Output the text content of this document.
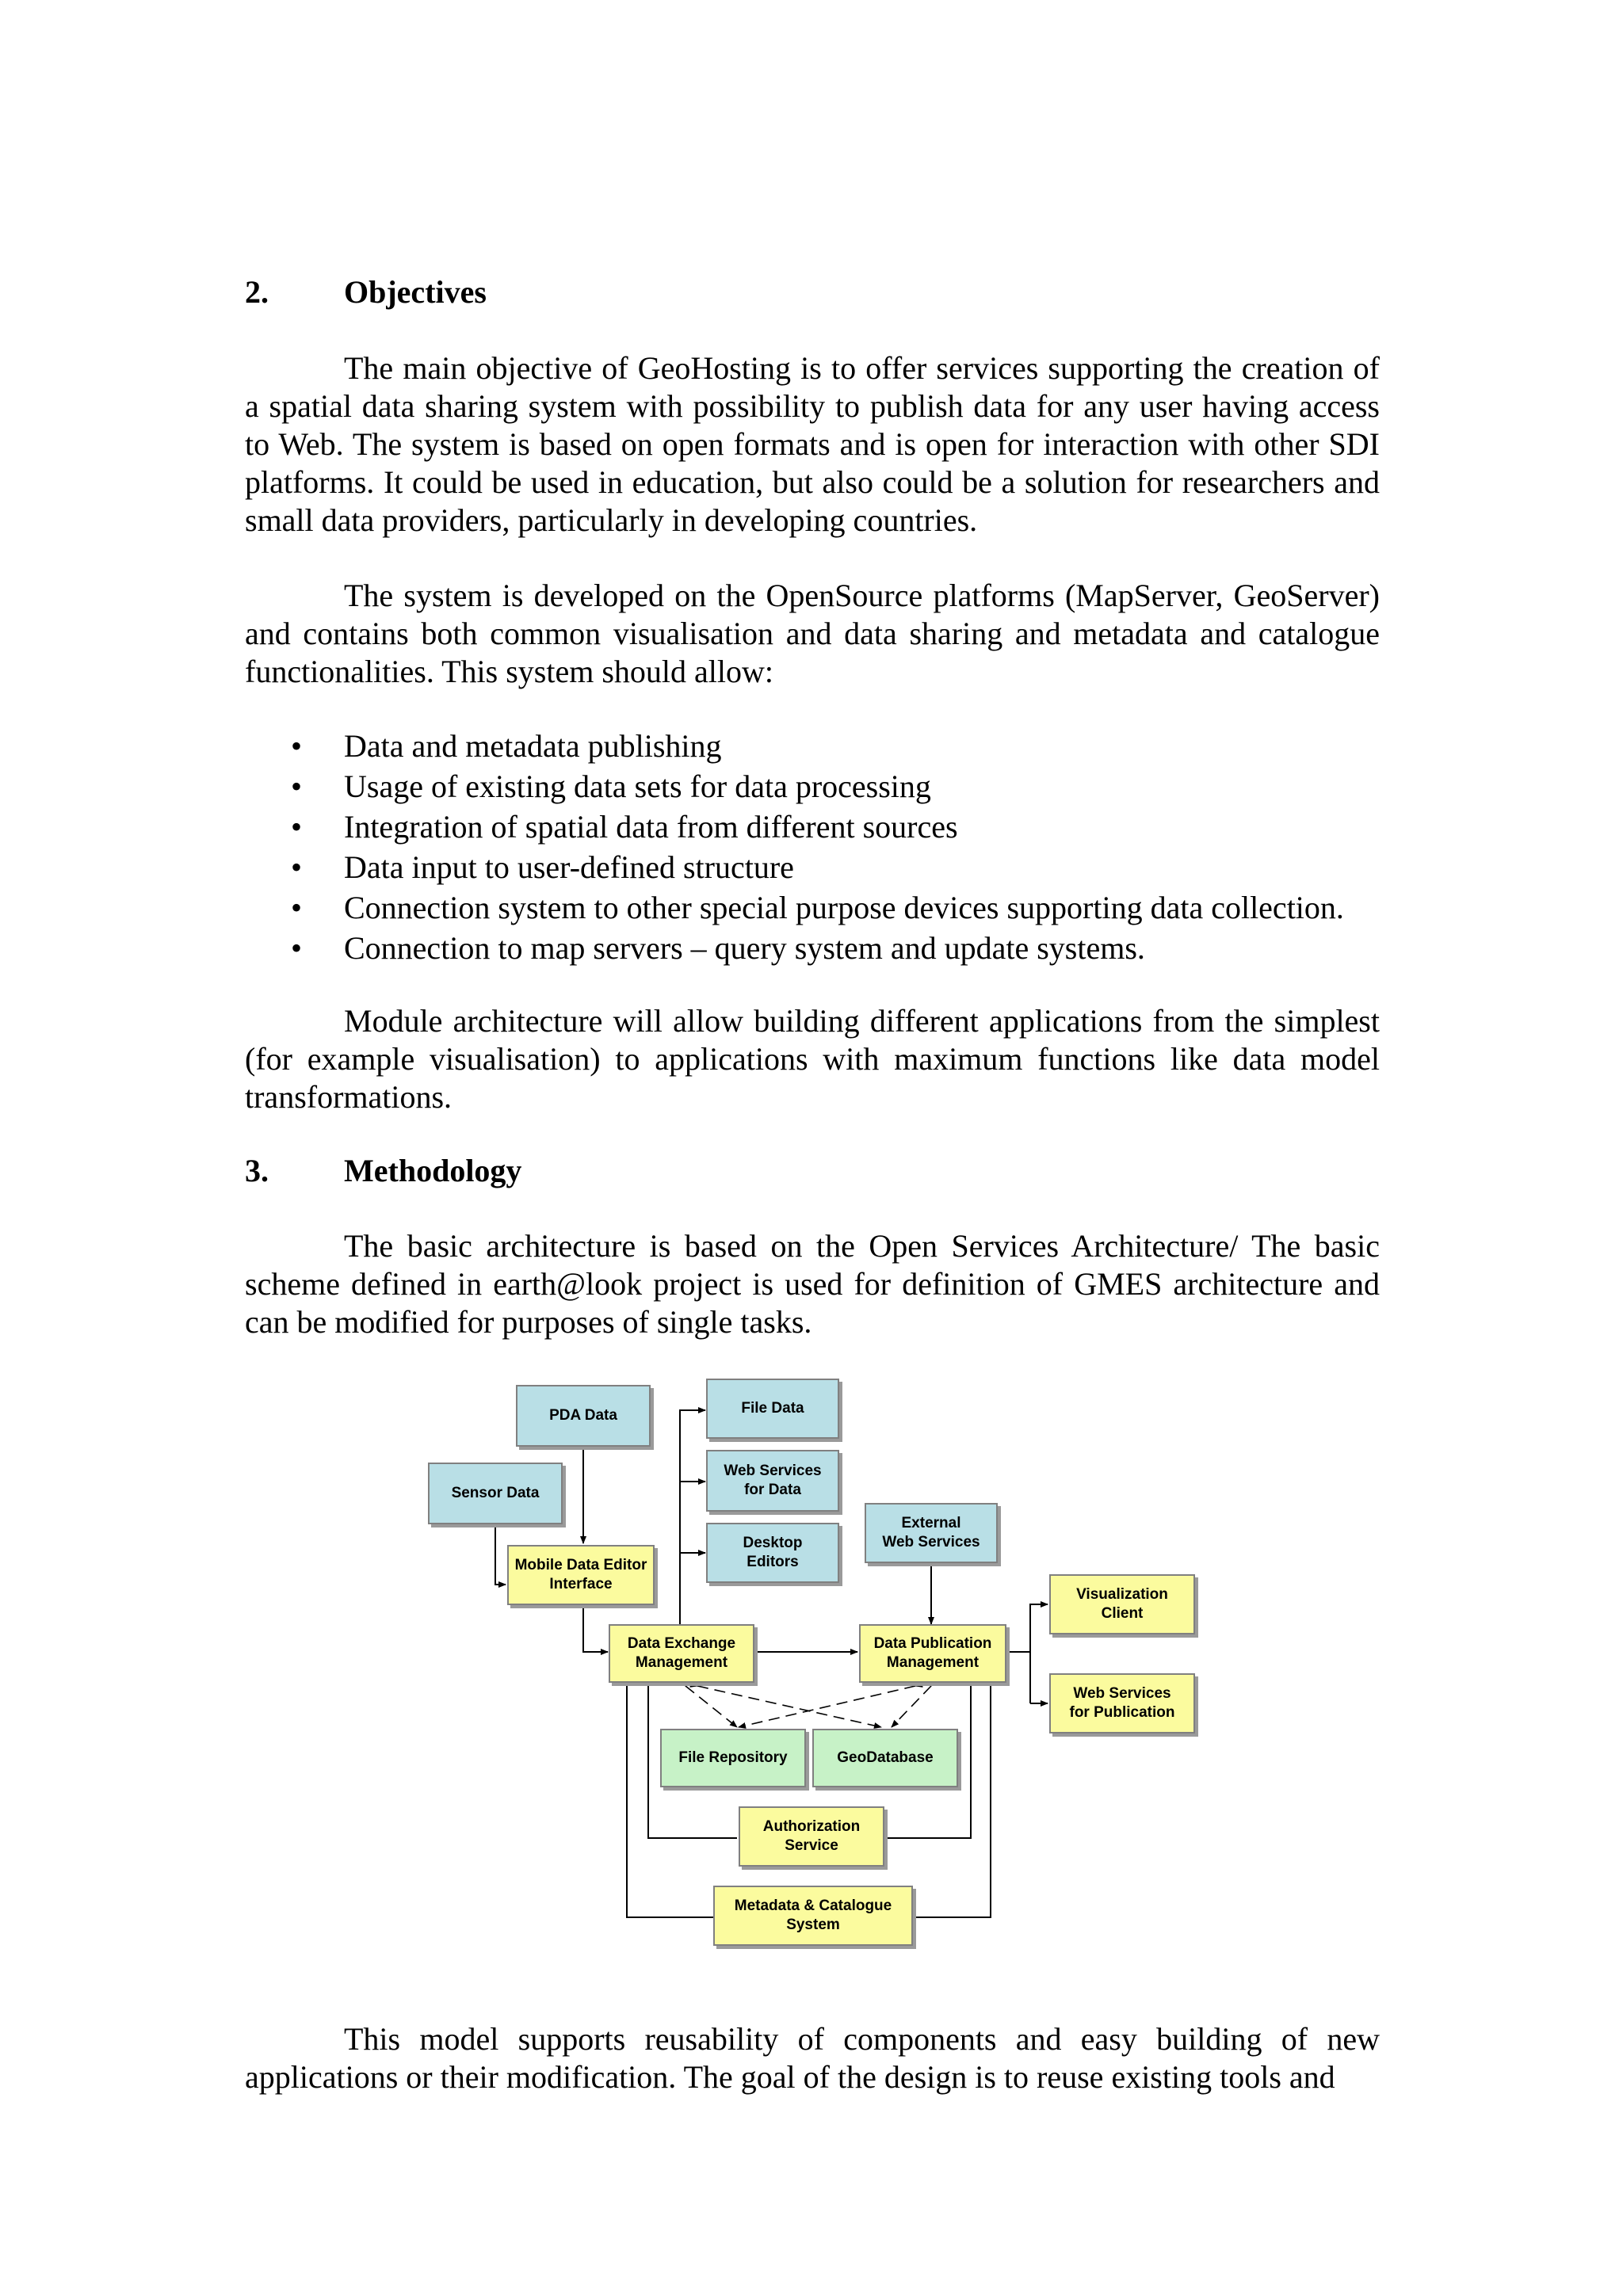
2. Objectives

The main objective of GeoHosting is to offer services supporting the creation of a spatial data sharing system with possibility to publish data for any user having access to Web. The system is based on open formats and is open for interaction with other SDI platforms. It could be used in education, but also could be a solution for researchers and small data providers, particularly in developing countries.

The system is developed on the OpenSource platforms (MapServer, GeoServer) and contains both common visualisation and data sharing and metadata and catalogue functionalities. This system should allow:

• Data and metadata publishing
• Usage of existing data sets for data processing
• Integration of spatial data from different sources
• Data input to user-defined structure
• Connection system to other special purpose devices supporting data collection.
• Connection to map servers – query system and update systems.

Module architecture will allow building different applications from the simplest (for example visualisation) to applications with maximum functions like data model transformations.

3. Methodology

The basic architecture is based on the Open Services Architecture/ The basic scheme defined in earth@look project is used for definition of GMES architecture and can be modified for purposes of single tasks.

PDA Data
Sensor Data
File Data
Web Services
for Data
Desktop
Editors
External
Web Services
Mobile Data Editor
Interface
Data Exchange
Management
Data Publication
Management
Visualization
Client
Web Services
for Publication
File Repository	GeoDatabase
Authorization
Service
Metadata & Catalogue
System

This model supports reusability of components and easy building of new applications or their modification. The goal of the design is to reuse existing tools and
